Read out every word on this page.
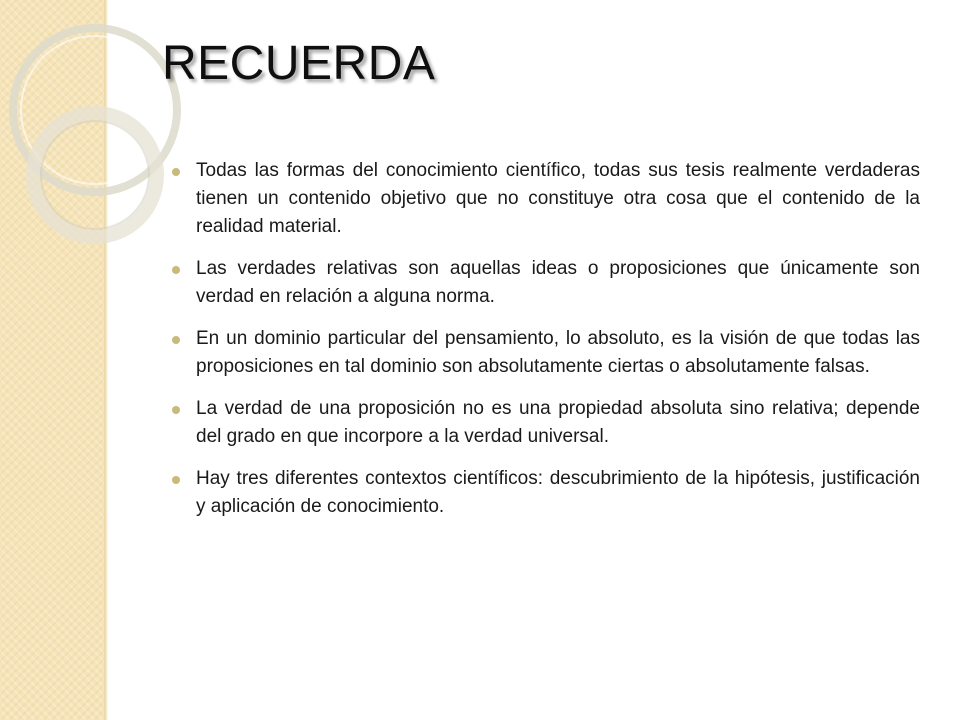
RECUERDA
Todas las formas del conocimiento científico, todas sus tesis realmente verdaderas tienen un contenido objetivo que no constituye otra cosa que el contenido de la realidad material.
Las verdades relativas son aquellas ideas o proposiciones que únicamente son verdad en relación a alguna norma.
En un dominio particular del pensamiento, lo absoluto, es la visión de que todas las proposiciones en tal dominio son absolutamente ciertas o absolutamente falsas.
La verdad de una proposición no es una propiedad absoluta sino relativa; depende del grado en que incorpore a la verdad universal.
Hay tres diferentes contextos científicos: descubrimiento de la hipótesis, justificación y aplicación de conocimiento.
